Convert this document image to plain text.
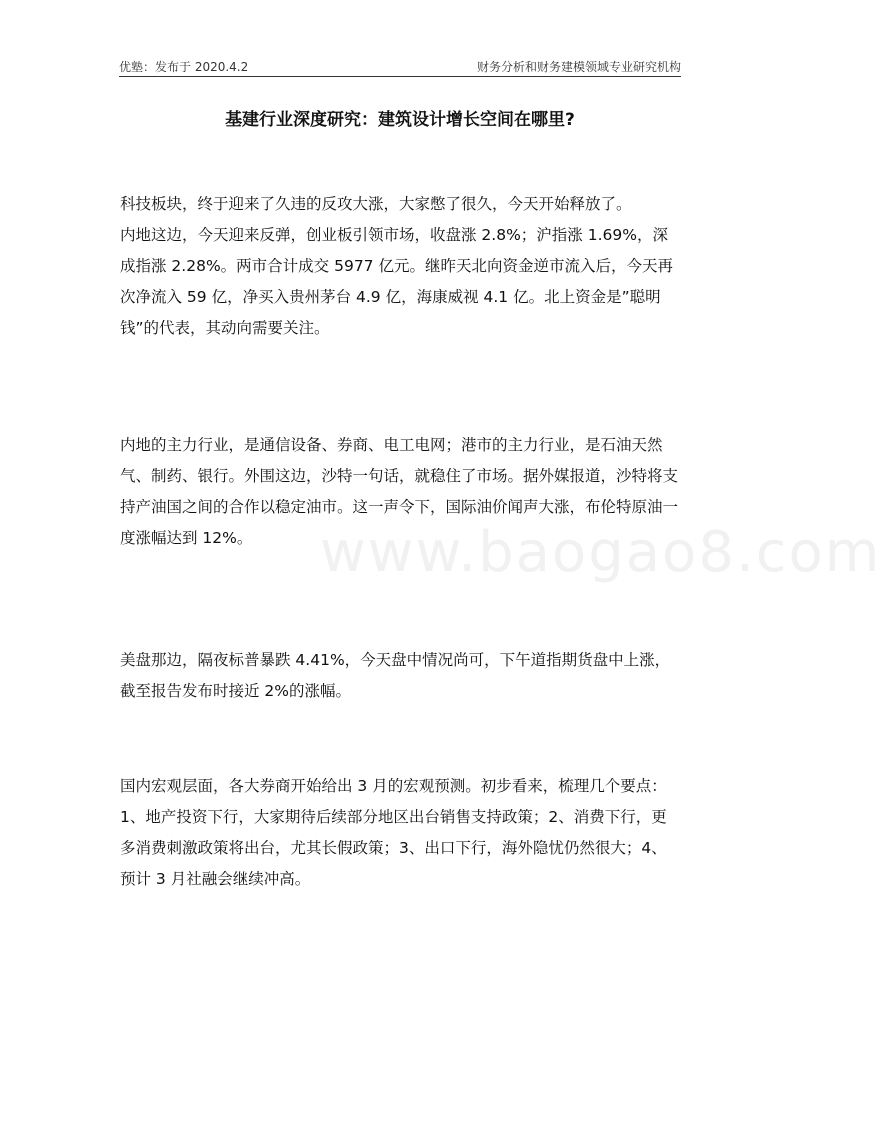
优塾：发布于 2020.4.2	财务分析和财务建模领域专业研究机构
基建行业深度研究：建筑设计增长空间在哪里?

科技板块，终于迎来了久违的反攻大涨，大家憋了很久，今天开始释放了。

内地这边，今天迎来反弹，创业板引领市场，收盘涨 2.8%；沪指涨 1.69%，深成指涨 2.28%。两市合计成交 5977 亿元。继昨天北向资金逆市流入后，今天再次净流入 59 亿，净买入贵州茅台 4.9 亿，海康威视 4.1 亿。北上资金是”聪明钱”的代表，其动向需要关注。

内地的主力行业，是通信设备、券商、电工电网；港市的主力行业，是石油天然气、制药、银行。外围这边，沙特一句话，就稳住了市场。据外媒报道，沙特将支持产油国之间的合作以稳定油市。这一声令下，国际油价闻声大涨，布伦特原油一度涨幅达到 12%。

美盘那边，隔夜标普暴跌 4.41%，今天盘中情况尚可，下午道指期货盘中上涨，截至报告发布时接近 2%的涨幅。

国内宏观层面，各大券商开始给出 3 月的宏观预测。初步看来，梳理几个要点：

1、地产投资下行，大家期待后续部分地区出台销售支持政策；2、消费下行，更多消费刺激政策将出台，尤其长假政策；3、出口下行，海外隐忧仍然很大；4、预计 3 月社融会继续冲高。

www.baogao8.com
